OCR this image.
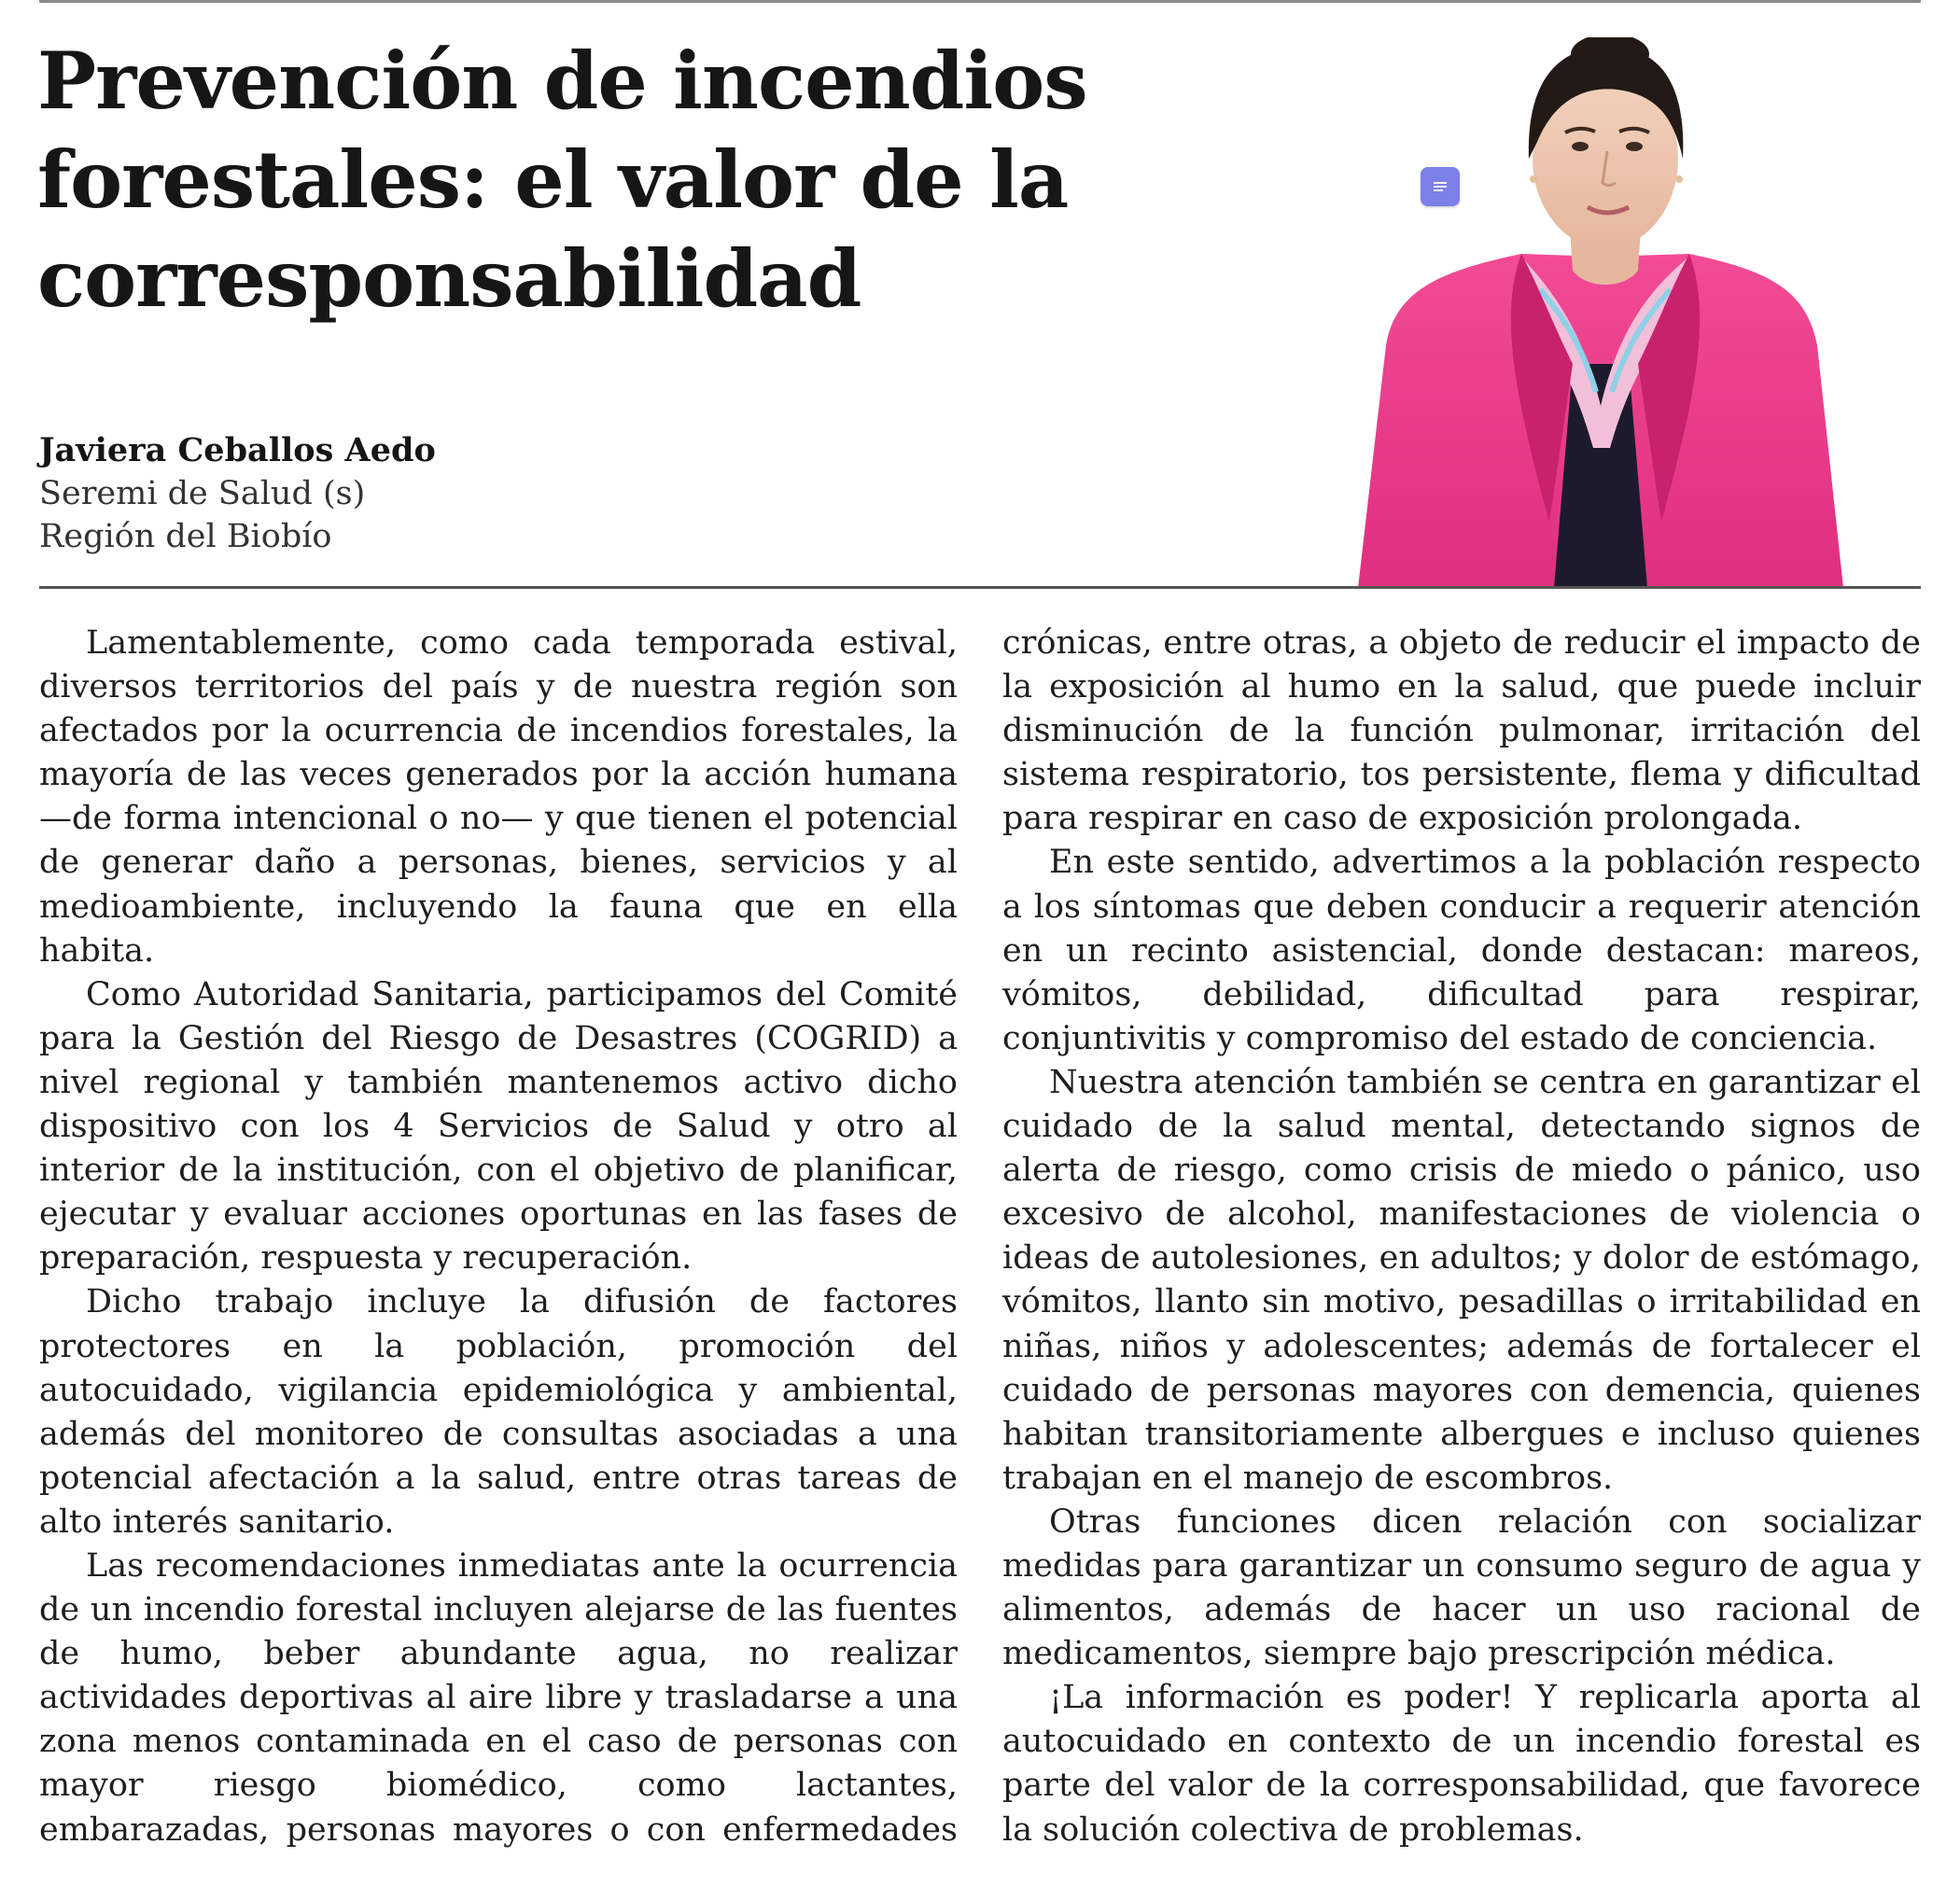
Prevención de incendios forestales: el valor de la corresponsabilidad
Javiera Ceballos Aedo
Seremi de Salud (s)
Región del Biobío

Lamentablemente, como cada temporada estival, diversos territorios del país y de nuestra región son afectados por la ocurrencia de incendios forestales, la mayoría de las veces generados por la acción humana —de forma intencional o no— y que tienen el potencial de generar daño a personas, bienes, servicios y al medioambiente, incluyendo la fauna que en ella habita.

Como Autoridad Sanitaria, participamos del Comité para la Gestión del Riesgo de Desastres (COGRID) a nivel regional y también mantenemos activo dicho dispositivo con los 4 Servicios de Salud y otro al interior de la institución, con el objetivo de planificar, ejecutar y evaluar acciones oportunas en las fases de preparación, respuesta y recuperación.

Dicho trabajo incluye la difusión de factores protectores en la población, promoción del autocuidado, vigilancia epidemiológica y ambiental, además del monitoreo de consultas asociadas a una potencial afectación a la salud, entre otras tareas de alto interés sanitario.

Las recomendaciones inmediatas ante la ocurrencia de un incendio forestal incluyen alejarse de las fuentes de humo, beber abundante agua, no realizar actividades deportivas al aire libre y trasladarse a una zona menos contaminada en el caso de personas con mayor riesgo biomédico, como lactantes, embarazadas, personas mayores o con enfermedades crónicas, entre otras, a objeto de reducir el impacto de la exposición al humo en la salud, que puede incluir disminución de la función pulmonar, irritación del sistema respiratorio, tos persistente, flema y dificultad para respirar en caso de exposición prolongada.

En este sentido, advertimos a la población respecto a los síntomas que deben conducir a requerir atención en un recinto asistencial, donde destacan: mareos, vómitos, debilidad, dificultad para respirar, conjuntivitis y compromiso del estado de conciencia.

Nuestra atención también se centra en garantizar el cuidado de la salud mental, detectando signos de alerta de riesgo, como crisis de miedo o pánico, uso excesivo de alcohol, manifestaciones de violencia o ideas de autolesiones, en adultos; y dolor de estómago, vómitos, llanto sin motivo, pesadillas o irritabilidad en niñas, niños y adolescentes; además de fortalecer el cuidado de personas mayores con demencia, quienes habitan transitoriamente albergues e incluso quienes trabajan en el manejo de escombros.

Otras funciones dicen relación con socializar medidas para garantizar un consumo seguro de agua y alimentos, además de hacer un uso racional de medicamentos, siempre bajo prescripción médica.

¡La información es poder! Y replicarla aporta al autocuidado en contexto de un incendio forestal es parte del valor de la corresponsabilidad, que favorece la solución colectiva de problemas.
